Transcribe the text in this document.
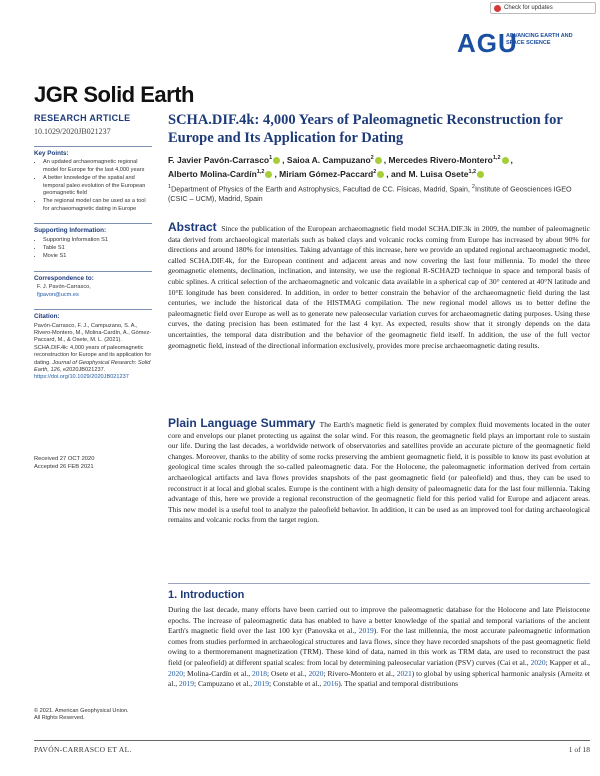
Check for updates
AGU
ADVANCING EARTH AND SPACE SCIENCE
JGR Solid Earth
RESEARCH ARTICLE
10.1029/2020JB021237
SCHA.DIF.4k: 4,000 Years of Paleomagnetic Reconstruction for Europe and Its Application for Dating
F. Javier Pavón-Carrasco$^1$ , Saioa A. Campuzano$^2$ , Mercedes Rivero-Montero$^{1,2}$ ,
Alberto Molina-Cardín$^{1,2}$ , Miriam Gómez-Paccard$^2$ , and M. Luisa Osete$^{1,2}$
$^1$Department of Physics of the Earth and Astrophysics, Facultad de CC. Físicas, Madrid, Spain, $^2$Institute of Geosciences IGEO (CSIC – UCM), Madrid, Spain
Abstract Since the publication of the European archaeomagnetic field model SCHA.DIF.3k in 2009, the number of paleomagnetic data derived from archaeological materials such as baked clays and volcanic rocks coming from Europe has increased by about 90% for directions and around 180% for intensities. Taking advantage of this increase, here we provide an updated regional archaeomagnetic model, called SCHA.DIF.4k, for the European continent and adjacent areas and now covering the last four millennia. To model the three geomagnetic elements, declination, inclination, and intensity, we use the regional R-SCHA2D technique in space and temporal basis of cubic splines. A critical selection of the archaeomagnetic and volcanic data available in a spherical cap of 30° centered at 40°N latitude and 10°E longitude has been considered. In addition, in order to better constrain the behavior of the archaeomagnetic field during the last centuries, we include the historical data of the HISTMAG compilation. The new regional model allows us to better define the paleomagnetic field over Europe as well as to generate new paleosecular variation curves for archaeomagnetic dating purposes. Using these curves, the dating precision has been estimated for the last 4 kyr. As expected, results show that it strongly depends on the data uncertainties, the temporal data distribution and the behavior of the geomagnetic field itself. In addition, the use of the full vector geomagnetic field, instead of the directional information exclusively, provides more precise archaeomagnetic dating results.
Plain Language Summary The Earth's magnetic field is generated by complex fluid movements located in the outer core and envelops our planet protecting us against the solar wind. For this reason, the geomagnetic field plays an important role to sustain our life. During the last decades, a worldwide network of observatories and satellites provide an accurate picture of the geomagnetic field changes. Moreover, thanks to the ability of some rocks preserving the ambient geomagnetic field, it is possible to know its past evolution at geological time scales through the so-called paleomagnetic data. For the Holocene, the paleomagnetic information derived from certain archaeological artifacts and lava flows provides snapshots of the past geomagnetic field (or paleofield) and thus, they can be used to reconstruct it at local and global scales. Europe is the continent with a high density of paleomagnetic data for the last four millennia. Taking advantage of this, here we provide a regional reconstruction of the geomagnetic field for this period valid for Europe and adjacent areas. This new model is a useful tool to analyze the paleofield behavior. In addition, it can be used as an improved tool for dating archaeological remains and volcanic rocks from the target region.
1. Introduction
During the last decade, many efforts have been carried out to improve the paleomagnetic database for the Holocene and late Pleistocene epochs. The increase of paleomagnetic data has enabled to have a better knowledge of the spatial and temporal variations of the ancient Earth's magnetic field over the last 100 kyr (Panovska et al., 2019). For the last millennia, the most accurate paleomagnetic information comes from studies performed in archaeological structures and lava flows, since they have recorded snapshots of the past geomagnetic field owing to a thermoremanent magnetization (TRM). These kind of data, named in this work as TRM data, are used to reconstruct the past field (or paleofield) at different spatial scales: from local by determining paleosecular variation (PSV) curves (Cai et al., 2020; Kapper et al., 2020; Molina-Cardín et al., 2018; Osete et al., 2020; Rivero-Montero et al., 2021) to global by using spherical harmonic analysis (Arneitz et al., 2019; Campuzano et al., 2019; Constable et al., 2016). The spatial and temporal distributions
Key Points:
• An updated archaeomagnetic regional model for Europe for the last 4,000 years
• A better knowledge of the spatial and temporal paleo evolution of the European geomagnetic field
• The regional model can be used as a tool for archaeomagnetic dating in Europe
Supporting Information:
• Supporting Information S1
• Table S1
• Movie S1
Correspondence to:
F. J. Pavón-Carrasco,
fjpavon@ucm.es
Citation:
Pavón-Carrasco, F. J., Campuzano, S. A., Rivero-Montero, M., Molina-Cardín, A., Gómez-Paccard, M., & Osete, M. L. (2021). SCHA.DIF.4k: 4,000 years of paleomagnetic reconstruction for Europe and its application for dating. Journal of Geophysical Research: Solid Earth, 126, e2020JB021237. https://doi.org/10.1029/2020JB021237
Received 27 OCT 2020
Accepted 26 FEB 2021
© 2021. American Geophysical Union.
All Rights Reserved.
PAVÓN-CARRASCO ET AL.	1 of 18
